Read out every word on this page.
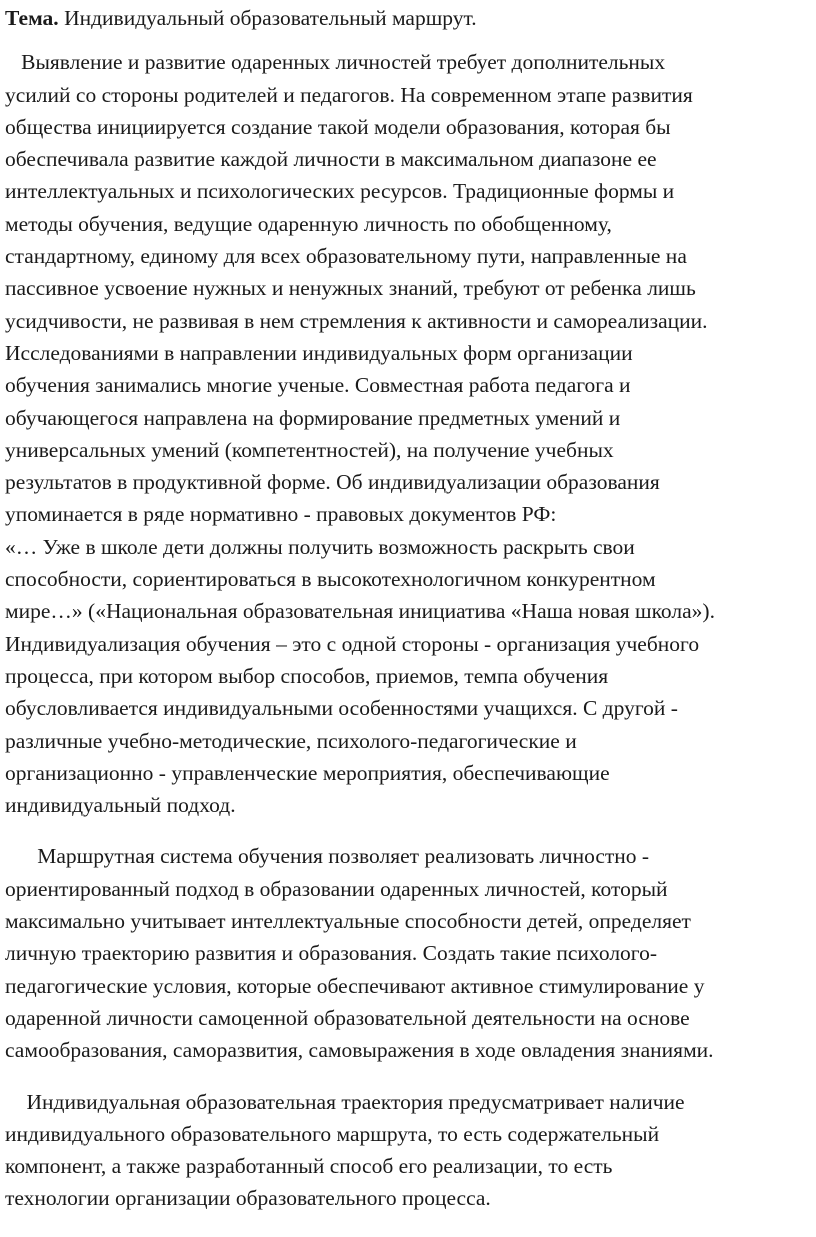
Тема. Индивидуальный образовательный маршрут.

Выявление и развитие одаренных личностей требует дополнительных
усилий со стороны родителей и педагогов. На современном этапе развития
общества инициируется создание такой модели образования, которая бы
обеспечивала развитие каждой личности в максимальном диапазоне ее
интеллектуальных и психологических ресурсов. Традиционные формы и
методы обучения, ведущие одаренную личность по обобщенному,
стандартному, единому для всех образовательному пути, направленные на
пассивное усвоение нужных и ненужных знаний, требуют от ребенка лишь
усидчивости, не развивая в нем стремления к активности и самореализации.
Исследованиями в направлении индивидуальных форм организации
обучения занимались многие ученые. Совместная работа педагога и
обучающегося направлена на формирование предметных умений и
универсальных умений (компетентностей), на получение учебных
результатов в продуктивной форме. Об индивидуализации образования
упоминается в ряде нормативно - правовых документов РФ:
«… Уже в школе дети должны получить возможность раскрыть свои
способности, сориентироваться в высокотехнологичном конкурентном
мире…» («Национальная образовательная инициатива «Наша новая школа»).
Индивидуализация обучения – это с одной стороны - организация учебного
процесса, при котором выбор способов, приемов, темпа обучения
обусловливается индивидуальными особенностями учащихся. С другой -
различные учебно-методические, психолого-педагогические и
организационно - управленческие мероприятия, обеспечивающие
индивидуальный подход.

Маршрутная система обучения позволяет реализовать личностно -
ориентированный подход в образовании одаренных личностей, который
максимально учитывает интеллектуальные способности детей, определяет
личную траекторию развития и образования. Создать такие психолого-
педагогические условия, которые обеспечивают активное стимулирование у
одаренной личности самоценной образовательной деятельности на основе
самообразования, саморазвития, самовыражения в ходе овладения знаниями.

Индивидуальная образовательная траектория предусматривает наличие
индивидуального образовательного маршрута, то есть содержательный
компонент, а также разработанный способ его реализации, то есть
технологии организации образовательного процесса.
